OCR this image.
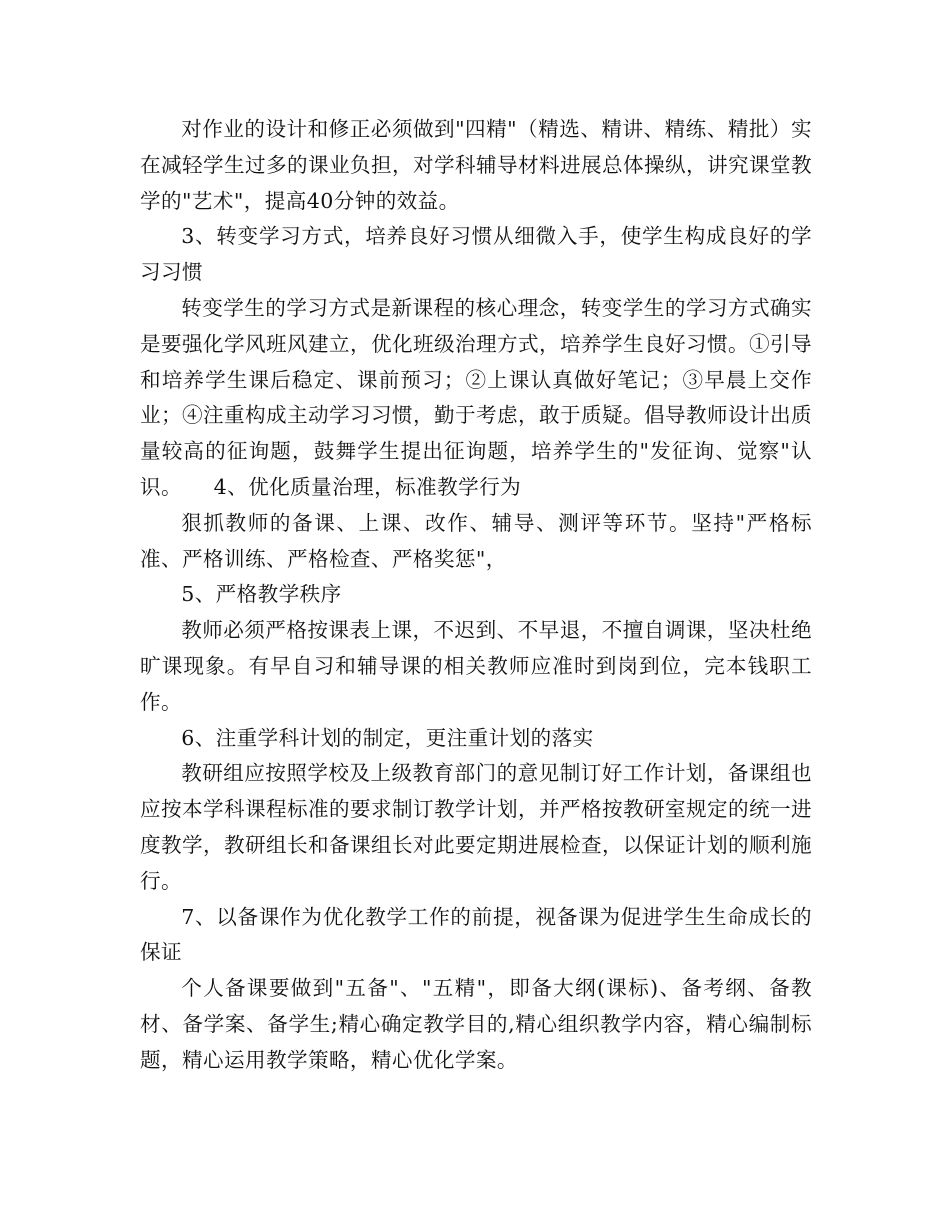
对作业的设计和修正必须做到"四精"（精选、精讲、精练、精批）实在减轻学生过多的课业负担，对学科辅导材料进展总体操纵，讲究课堂教学的"艺术"，提高40分钟的效益。

3、转变学习方式，培养良好习惯从细微入手，使学生构成良好的学习习惯

转变学生的学习方式是新课程的核心理念，转变学生的学习方式确实是要强化学风班风建立，优化班级治理方式，培养学生良好习惯。①引导和培养学生课后稳定、课前预习；②上课认真做好笔记；③早晨上交作业；④注重构成主动学习习惯，勤于考虑，敢于质疑。倡导教师设计出质量较高的征询题，鼓舞学生提出征询题，培养学生的"发征询、觉察"认识。　　4、优化质量治理，标准教学行为

狠抓教师的备课、上课、改作、辅导、测评等环节。坚持"严格标准、严格训练、严格检查、严格奖惩"，

5、严格教学秩序

教师必须严格按课表上课，不迟到、不早退，不擅自调课，坚决杜绝旷课现象。有早自习和辅导课的相关教师应准时到岗到位，完本钱职工作。

6、注重学科计划的制定，更注重计划的落实

教研组应按照学校及上级教育部门的意见制订好工作计划，备课组也应按本学科课程标准的要求制订教学计划，并严格按教研室规定的统一进度教学，教研组长和备课组长对此要定期进展检查，以保证计划的顺利施行。

7、以备课作为优化教学工作的前提，视备课为促进学生生命成长的保证

个人备课要做到"五备"、"五精"，即备大纲(课标)、备考纲、备教材、备学案、备学生;精心确定教学目的,精心组织教学内容，精心编制标题，精心运用教学策略，精心优化学案。
